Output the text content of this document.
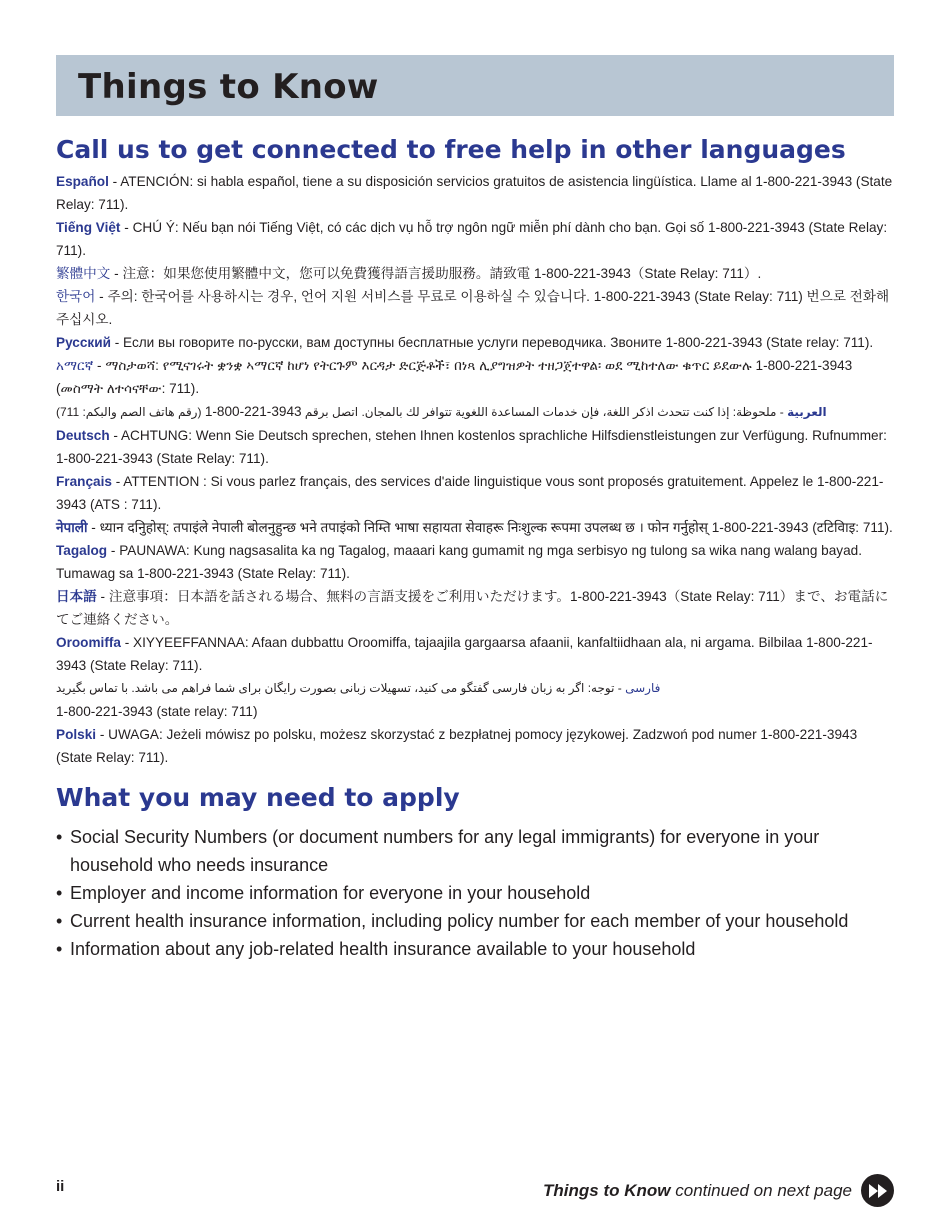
Things to Know
Call us to get connected to free help in other languages
Español - ATENCIÓN: si habla español, tiene a su disposición servicios gratuitos de asistencia lingüística. Llame al 1-800-221-3943 (State Relay: 711).
Tiếng Việt - CHÚ Ý: Nếu bạn nói Tiếng Việt, có các dịch vụ hỗ trợ ngôn ngữ miễn phí dành cho bạn. Gọi số 1-800-221-3943 (State Relay: 711).
繁體中文 - 注意：如果您使用繁體中文，您可以免費獲得語言援助服務。請致電 1-800-221-3943（State Relay: 711）.
한국어 - 주의: 한국어를 사용하시는 경우, 언어 지원 서비스를 무료로 이용하실 수 있습니다. 1-800-221-3943 (State Relay: 711) 번으로 전화해 주십시오.
Русский - Если вы говорите по-русски, вам доступны бесплатные услуги переводчика. Звоните 1-800-221-3943 (State relay: 711).
አማርኛ - ማስታወሻ: የሚናገሩት ቋንቋ ኣማርኛ ከሆነ የትርጉም እርዳታ ድርጅቶች፣ በነጻ ሊያግዝዎት ተዘጋጀተዋል፡ ወደ ሚከተለው ቁጥር ይደውሉ 1-800-221-3943 (መስማት ለተሳናቸው: 711).
العربية - ملحوظة: إذا كنت تتحدث اذكر اللغة، فإن خدمات المساعدة اللغوية تتوافر لك بالمجان. اتصل برقم 1-800-221-3943 (رقم هاتف الصم والبكم: 711)
Deutsch - ACHTUNG: Wenn Sie Deutsch sprechen, stehen Ihnen kostenlos sprachliche Hilfsdienstleistungen zur Verfügung. Rufnummer: 1-800-221-3943 (State Relay: 711).
Français - ATTENTION : Si vous parlez français, des services d'aide linguistique vous sont proposés gratuitement. Appelez le 1-800-221-3943 (ATS : 711).
नेपाली - ध्यान दनिुहोस्: तपाइंले नेपाली बोलनुहुन्छ भने तपाइंको निम्ति भाषा सहायता सेवाहरू निःशुल्क रूपमा उपलब्ध छ । फोन गर्नुहोस् 1-800-221-3943 (टटिवािइ: 711).
Tagalog - PAUNAWA: Kung nagsasalita ka ng Tagalog, maaari kang gumamit ng mga serbisyo ng tulong sa wika nang walang bayad. Tumawag sa 1-800-221-3943 (State Relay: 711).
日本語 - 注意事項：日本語を話される場合、無料の言語支援をご利用いただけます。1-800-221-3943（State Relay: 711）まで、お電話にてご連絡ください。
Oroomiffa - XIYYEEFFANNAA: Afaan dubbattu Oroomiffa, tajaajila gargaarsa afaanii, kanfaltiidhaan ala, ni argama. Bilbilaa 1-800-221-3943 (State Relay: 711).
فارسی - توجه: اگر به زبان فارسی گفتگو می کنید، تسهیلات زبانی بصورت رایگان برای شما فراهم می باشد. با تماس بگیرید
1-800-221-3943 (state relay: 711)
Polski - UWAGA: Jeżeli mówisz po polsku, możesz skorzystać z bezpłatnej pomocy językowej. Zadzwoń pod numer 1-800-221-3943 (State Relay: 711).
What you may need to apply
• Social Security Numbers (or document numbers for any legal immigrants) for everyone in your household who needs insurance
• Employer and income information for everyone in your household
• Current health insurance information, including policy number for each member of your household
• Information about any job-related health insurance available to your household
ii	Things to Know
continued on next page
